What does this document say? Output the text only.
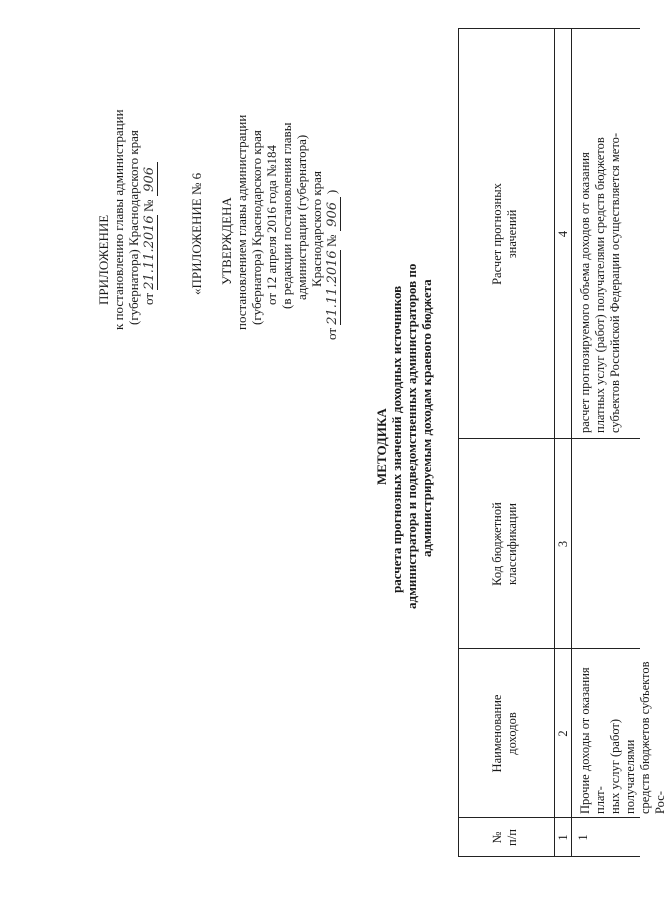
ПРИЛОЖЕНИЕ к постановлению главы администрации (губернатора) Краснодарского края от 21.11.2016 № 906 «ПРИЛОЖЕНИЕ № 6 УТВЕРЖДЕНА постановлением главы администрации (губернатора) Краснодарского края от 12 апреля 2016 года №184 (в редакции постановления главы администрации (губернатора) Краснодарского края
от 21.11.2016 № 906 )
МЕТОДИКА расчета прогнозных значений доходных источников администратора и подведомственных администраторов по администрируемым доходам краевого бюджета
№ п/п
Наименование доходов
Код бюджетной классификации
Расчет прогнозных значений
1
2
3
4
1
Прочие доходы от оказания плат- ных услуг (работ) получателями средств бюджетов субъектов Рос-
расчет прогнозируемого объема доходов от оказания платных услуг (работ) получателями средств бюджетов субъектов Российской Федерации осуществляется мето-
